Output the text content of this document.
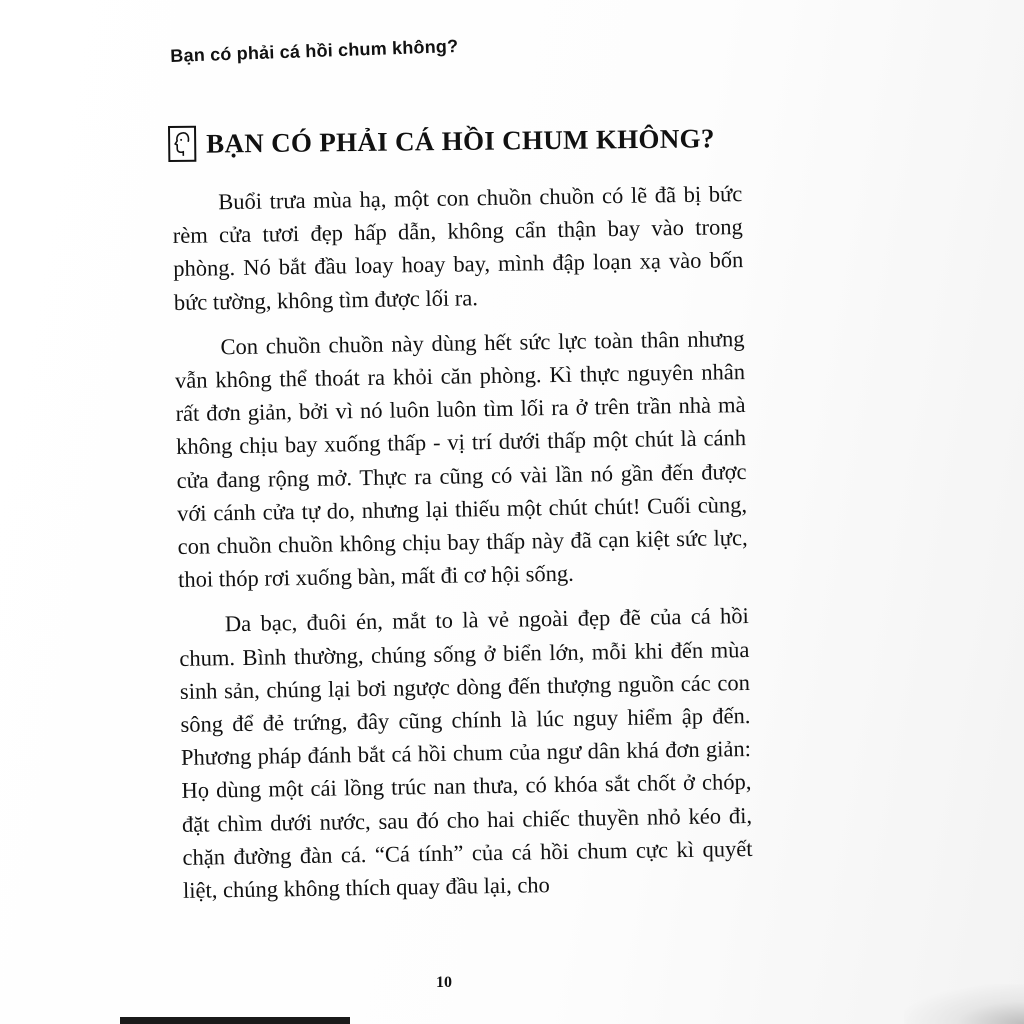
Bạn có phải cá hồi chum không?
BẠN CÓ PHẢI CÁ HỒI CHUM KHÔNG?

Buổi trưa mùa hạ, một con chuồn chuồn có lẽ đã bị bức rèm cửa tươi đẹp hấp dẫn, không cẩn thận bay vào trong phòng. Nó bắt đầu loay hoay bay, mình đập loạn xạ vào bốn bức tường, không tìm được lối ra.

Con chuồn chuồn này dùng hết sức lực toàn thân nhưng vẫn không thể thoát ra khỏi căn phòng. Kì thực nguyên nhân rất đơn giản, bởi vì nó luôn luôn tìm lối ra ở trên trần nhà mà không chịu bay xuống thấp - vị trí dưới thấp một chút là cánh cửa đang rộng mở. Thực ra cũng có vài lần nó gần đến được với cánh cửa tự do, nhưng lại thiếu một chút chút! Cuối cùng, con chuồn chuồn không chịu bay thấp này đã cạn kiệt sức lực, thoi thóp rơi xuống bàn, mất đi cơ hội sống.

Da bạc, đuôi én, mắt to là vẻ ngoài đẹp đẽ của cá hồi chum. Bình thường, chúng sống ở biển lớn, mỗi khi đến mùa sinh sản, chúng lại bơi ngược dòng đến thượng nguồn các con sông để đẻ trứng, đây cũng chính là lúc nguy hiểm ập đến. Phương pháp đánh bắt cá hồi chum của ngư dân khá đơn giản: Họ dùng một cái lồng trúc nan thưa, có khóa sắt chốt ở chóp, đặt chìm dưới nước, sau đó cho hai chiếc thuyền nhỏ kéo đi, chặn đường đàn cá. “Cá tính” của cá hồi chum cực kì quyết liệt, chúng không thích quay đầu lại, cho

10
